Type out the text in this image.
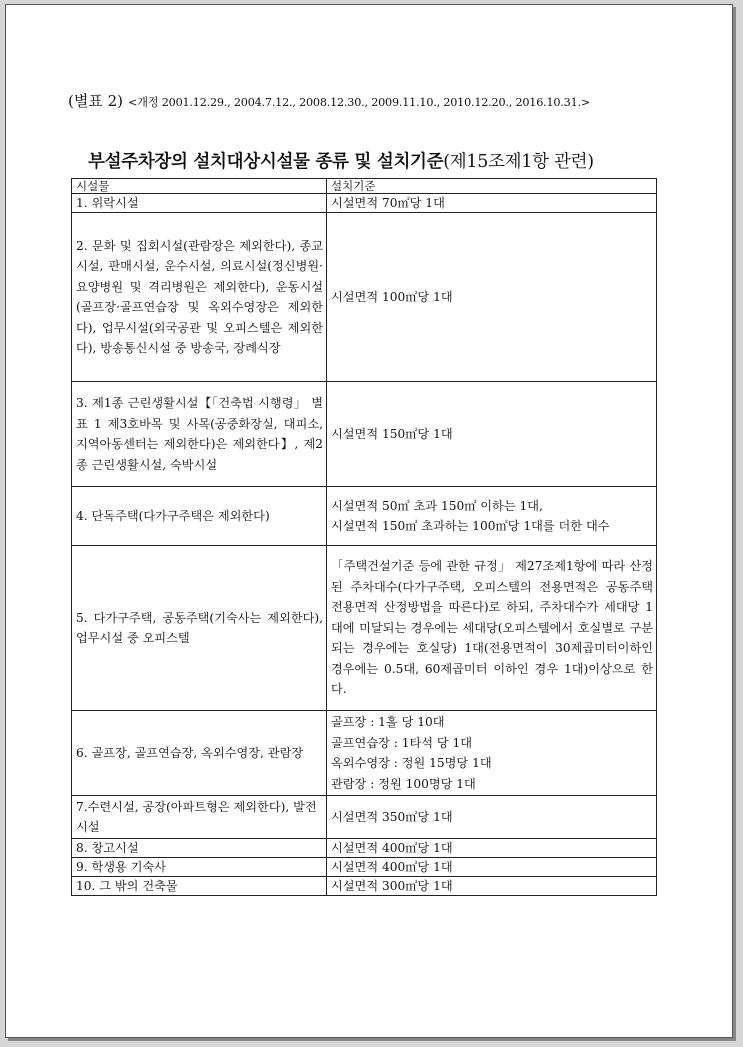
(별표 2) <개정 2001.12.29., 2004.7.12., 2008.12.30., 2009.11.10., 2010.12.20., 2016.10.31.>
부설주차장의 설치대상시설물 종류 및 설치기준(제15조제1항 관련)
시설물	설치기준
1. 위락시설	시설면적 70㎡당 1대
2. 문화 및 집회시설(관람장은 제외한다), 종교시설, 판매시설, 운수시설, 의료시설(정신병원·요양병원 및 격리병원은 제외한다), 운동시설(골프장·골프연습장 및 옥외수영장은 제외한다), 업무시설(외국공관 및 오피스텔은 제외한다), 방송통신시설 중 방송국, 장례식장	시설면적 100㎡당 1대
3. 제1종 근린생활시설【「건축법 시행령」 별표 1 제3호바목 및 사목(공중화장실, 대피소, 지역아동센터는 제외한다)은 제외한다】, 제2종 근린생활시설, 숙박시설	시설면적 150㎡당 1대
4. 단독주택(다가구주택은 제외한다)	시설면적 50㎡ 초과 150㎡ 이하는 1대,
시설면적 150㎡ 초과하는 100㎡당 1대를 더한 대수

5. 다가구주택, 공동주택(기숙사는 제외한다), 업무시설 중 오피스텔	「주택건설기준 등에 관한 규정」 제27조제1항에 따라 산정된 주차대수(다가구주택, 오피스텔의 전용면적은 공동주택 전용면적 산정방법을 따른다)로 하되, 주차대수가 세대당 1대에 미달되는 경우에는 세대당(오피스텔에서 호실별로 구분되는 경우에는 호실당) 1대(전용면적이 30제곱미터이하인 경우에는 0.5대, 60제곱미터 이하인 경우 1대)이상으로 한다.
6. 골프장, 골프연습장, 옥외수영장, 관람장	골프장 : 1홀 당 10대
골프연습장 : 1타석 당 1대
옥외수영장 : 정원 15명당 1대
관람장 : 정원 100명당 1대

7.수련시설, 공장(아파트형은 제외한다), 발전시설	시설면적 350㎡당 1대
8. 창고시설	시설면적 400㎡당 1대
9. 학생용 기숙사	시설면적 400㎡당 1대
10. 그 밖의 건축물	시설면적 300㎡당 1대
